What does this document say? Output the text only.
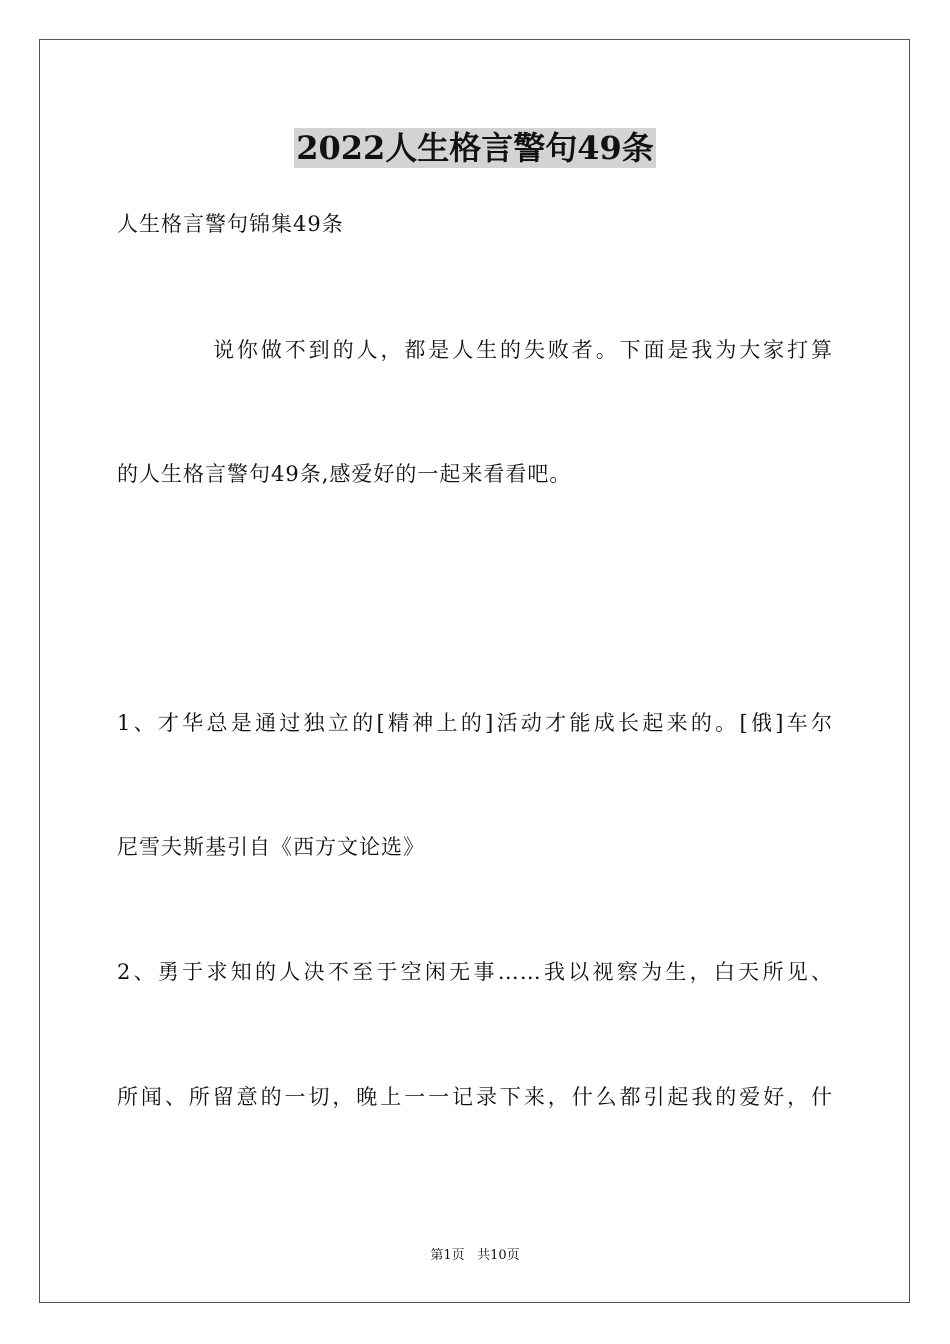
2022人生格言警句49条
人生格言警句锦集49条
说你做不到的人，都是人生的失败者。下面是我为大家打算
的人生格言警句49条,感爱好的一起来看看吧。
1、才华总是通过独立的[精神上的]活动才能成长起来的。[俄]车尔
尼雪夫斯基引自《西方文论选》
2、勇于求知的人决不至于空闲无事……我以视察为生，白天所见、
所闻、所留意的一切，晚上一一记录下来，什么都引起我的爱好，什
第1页 共10页
